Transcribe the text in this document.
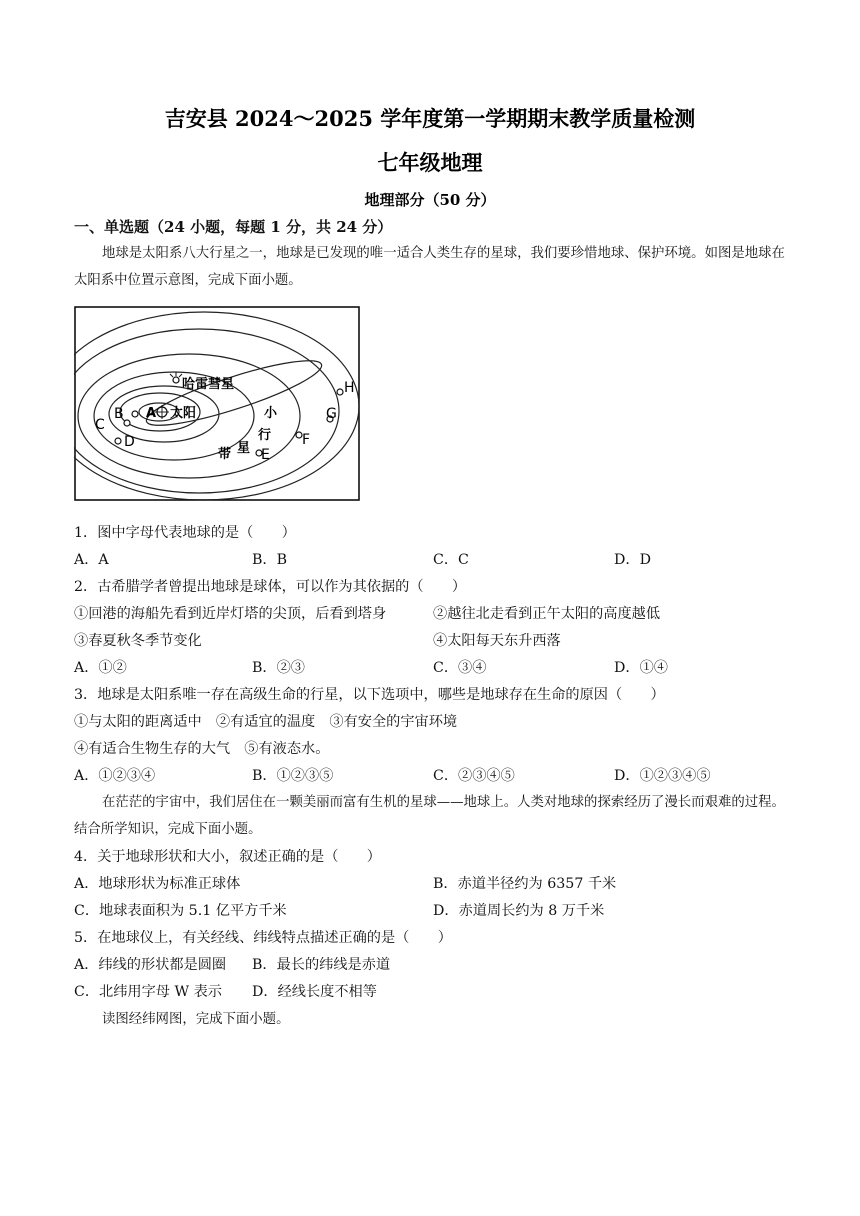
吉安县 2024～2025 学年度第一学期期末教学质量检测
七年级地理
地理部分（50 分）
一、单选题（24 小题，每题 1 分，共 24 分）
地球是太阳系八大行星之一，地球是已发现的唯一适合人类生存的星球，我们要珍惜地球、保护环境。如图是地球在太阳系中位置示意图，完成下面小题。
哈雷彗星
A 太阳
B
C
D
E
F
G
H
小
行
带 星
1．图中字母代表地球的是（　　）
A．A	B．B	C．C	D．D
2．古希腊学者曾提出地球是球体，可以作为其依据的（　　）
①回港的海船先看到近岸灯塔的尖顶，后看到塔身	②越往北走看到正午太阳的高度越低
③春夏秋冬季节变化	④太阳每天东升西落
A．①②	B．②③	C．③④	D．①④
3．地球是太阳系唯一存在高级生命的行星，以下选项中，哪些是地球存在生命的原因（　　）
①与太阳的距离适中　②有适宜的温度　③有安全的宇宙环境
④有适合生物生存的大气　⑤有液态水。
A．①②③④	B．①②③⑤	C．②③④⑤	D．①②③④⑤
在茫茫的宇宙中，我们居住在一颗美丽而富有生机的星球——地球上。人类对地球的探索经历了漫长而艰难的过程。结合所学知识，完成下面小题。
4．关于地球形状和大小，叙述正确的是（　　）
A．地球形状为标准正球体	B．赤道半径约为 6357 千米
C．地球表面积为 5.1 亿平方千米	D．赤道周长约为 8 万千米
5．在地球仪上，有关经线、纬线特点描述正确的是（　　）
A．纬线的形状都是圆圈 B．最长的纬线是赤道
C．北纬用字母 W 表示 D．经线长度不相等
读图经纬网图，完成下面小题。
